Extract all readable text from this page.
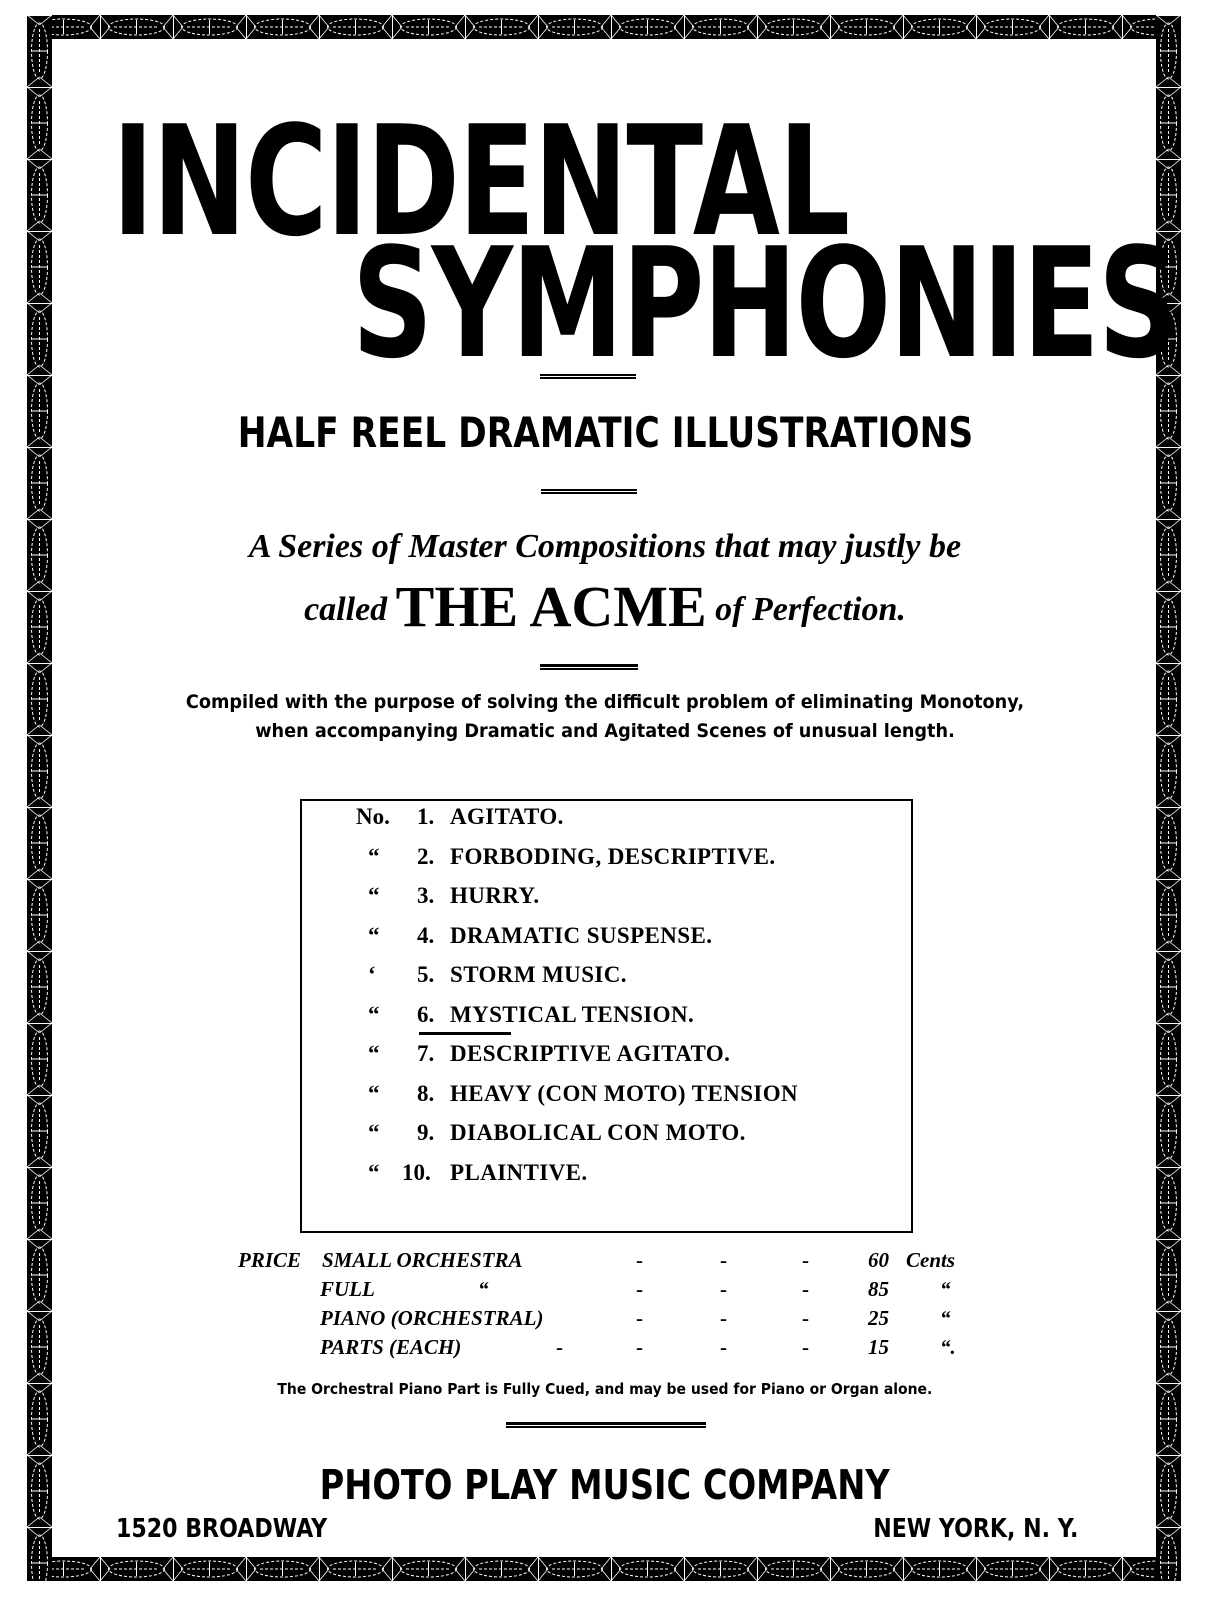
INCIDENTAL
SYMPHONIES
HALF REEL DRAMATIC ILLUSTRATIONS
A Series of Master Compositions that may justly be
called THE ACME of Perfection.
Compiled with the purpose of solving the difficult problem of eliminating Monotony,
when accompanying Dramatic and Agitated Scenes of unusual length.
No. 1. AGITATO.
“	2. FORBODING, DESCRIPTIVE.
“	3. HURRY.
“	4. DRAMATIC SUSPENSE.
‘	5. STORM MUSIC.
“	6. MYSTICAL TENSION.
“	7. DESCRIPTIVE AGITATO.
“	8. HEAVY (CON MOTO) TENSION
“	9. DIABOLICAL CON MOTO.
“ 10. PLAINTIVE.
PRICE SMALL ORCHESTRA	-	-	-	60 Cents
FULL	“	-	-	-	85 “
PIANO (ORCHESTRAL)	-	-	-	25 “
PARTS (EACH)	-	-	-	-	15 “.
The Orchestral Piano Part is Fully Cued, and may be used for Piano or Organ alone.
PHOTO PLAY MUSIC COMPANY
1520 BROADWAY	NEW YORK, N. Y.
